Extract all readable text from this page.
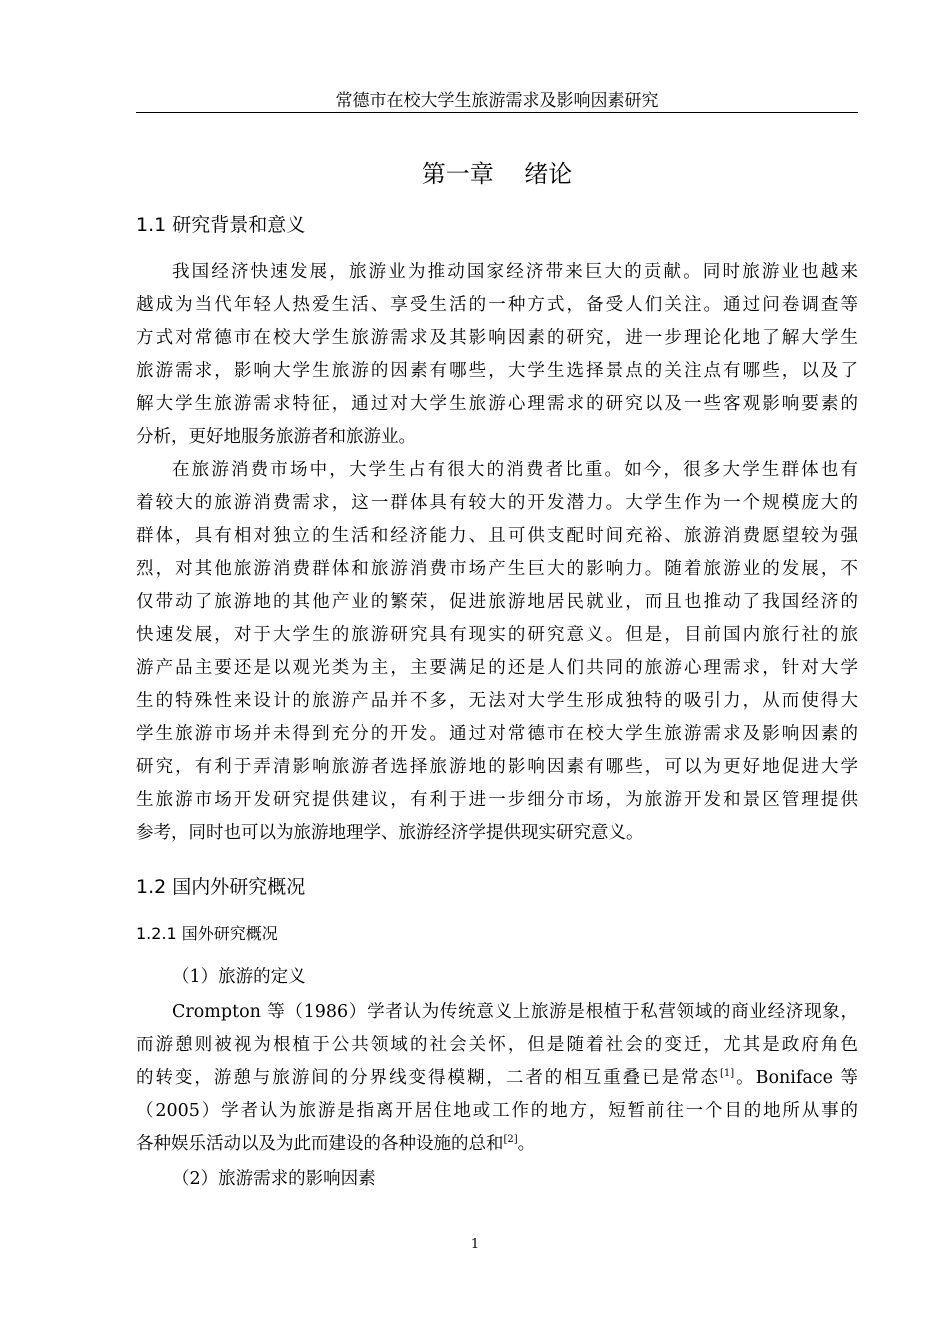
常德市在校大学生旅游需求及影响因素研究
第一章    绪论
1.1 研究背景和意义
我国经济快速发展，旅游业为推动国家经济带来巨大的贡献。同时旅游业也越来
越成为当代年轻人热爱生活、享受生活的一种方式，备受人们关注。通过问卷调查等
方式对常德市在校大学生旅游需求及其影响因素的研究，进一步理论化地了解大学生
旅游需求，影响大学生旅游的因素有哪些，大学生选择景点的关注点有哪些，以及了
解大学生旅游需求特征，通过对大学生旅游心理需求的研究以及一些客观影响要素的
分析，更好地服务旅游者和旅游业。
在旅游消费市场中，大学生占有很大的消费者比重。如今，很多大学生群体也有
着较大的旅游消费需求，这一群体具有较大的开发潜力。大学生作为一个规模庞大的
群体，具有相对独立的生活和经济能力、且可供支配时间充裕、旅游消费愿望较为强
烈，对其他旅游消费群体和旅游消费市场产生巨大的影响力。随着旅游业的发展，不
仅带动了旅游地的其他产业的繁荣，促进旅游地居民就业，而且也推动了我国经济的
快速发展，对于大学生的旅游研究具有现实的研究意义。但是，目前国内旅行社的旅
游产品主要还是以观光类为主，主要满足的还是人们共同的旅游心理需求，针对大学
生的特殊性来设计的旅游产品并不多，无法对大学生形成独特的吸引力，从而使得大
学生旅游市场并未得到充分的开发。通过对常德市在校大学生旅游需求及影响因素的
研究，有利于弄清影响旅游者选择旅游地的影响因素有哪些，可以为更好地促进大学
生旅游市场开发研究提供建议，有利于进一步细分市场，为旅游开发和景区管理提供
参考，同时也可以为旅游地理学、旅游经济学提供现实研究意义。
1.2 国内外研究概况
1.2.1 国外研究概况
（1）旅游的定义
Crompton 等（1986）学者认为传统意义上旅游是根植于私营领域的商业经济现象，
而游憩则被视为根植于公共领域的社会关怀，但是随着社会的变迁，尤其是政府角色
的转变，游憩与旅游间的分界线变得模糊，二者的相互重叠已是常态[1]。Boniface 等
（2005）学者认为旅游是指离开居住地或工作的地方，短暂前往一个目的地所从事的
各种娱乐活动以及为此而建设的各种设施的总和[2]。
（2）旅游需求的影响因素
1
